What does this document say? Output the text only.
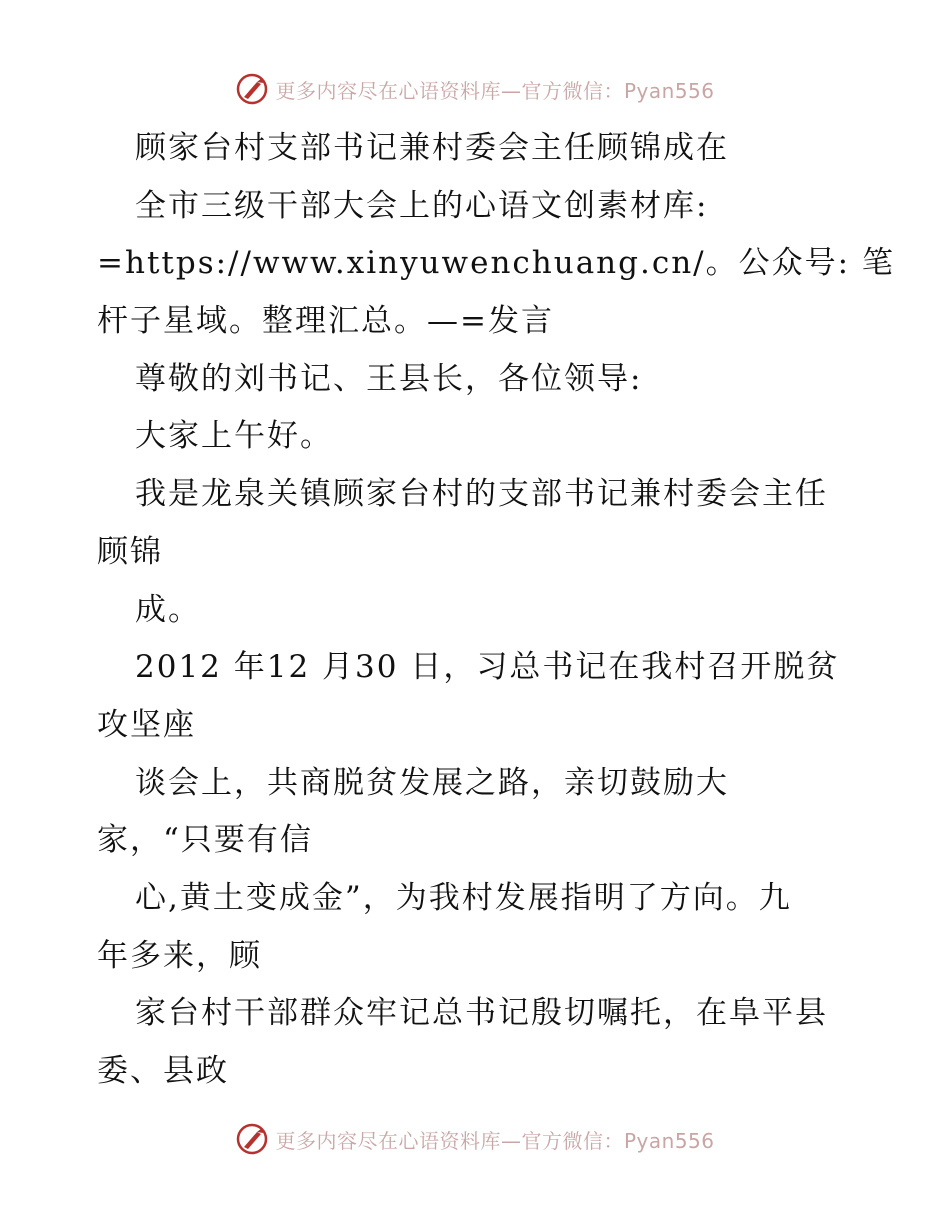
更多内容尽在心语资料库—官方微信：Pyan556
顾家台村支部书记兼村委会主任顾锦成在
全市三级干部大会上的心语文创素材库:
=https://www.xinyuwenchuang.cn/。公众号: 笔
杆子星域。整理汇总。—=发言
尊敬的刘书记、王县长，各位领导:
大家上午好。
我是龙泉关镇顾家台村的支部书记兼村委会主任
顾锦
成。
2012 年12 月30 日，习总书记在我村召开脱贫
攻坚座
谈会上，共商脱贫发展之路，亲切鼓励大
家，“只要有信
心,黄土变成金”，为我村发展指明了方向。九
年多来，顾
家台村干部群众牢记总书记殷切嘱托，在阜平县
委、县政
更多内容尽在心语资料库—官方微信：Pyan556
